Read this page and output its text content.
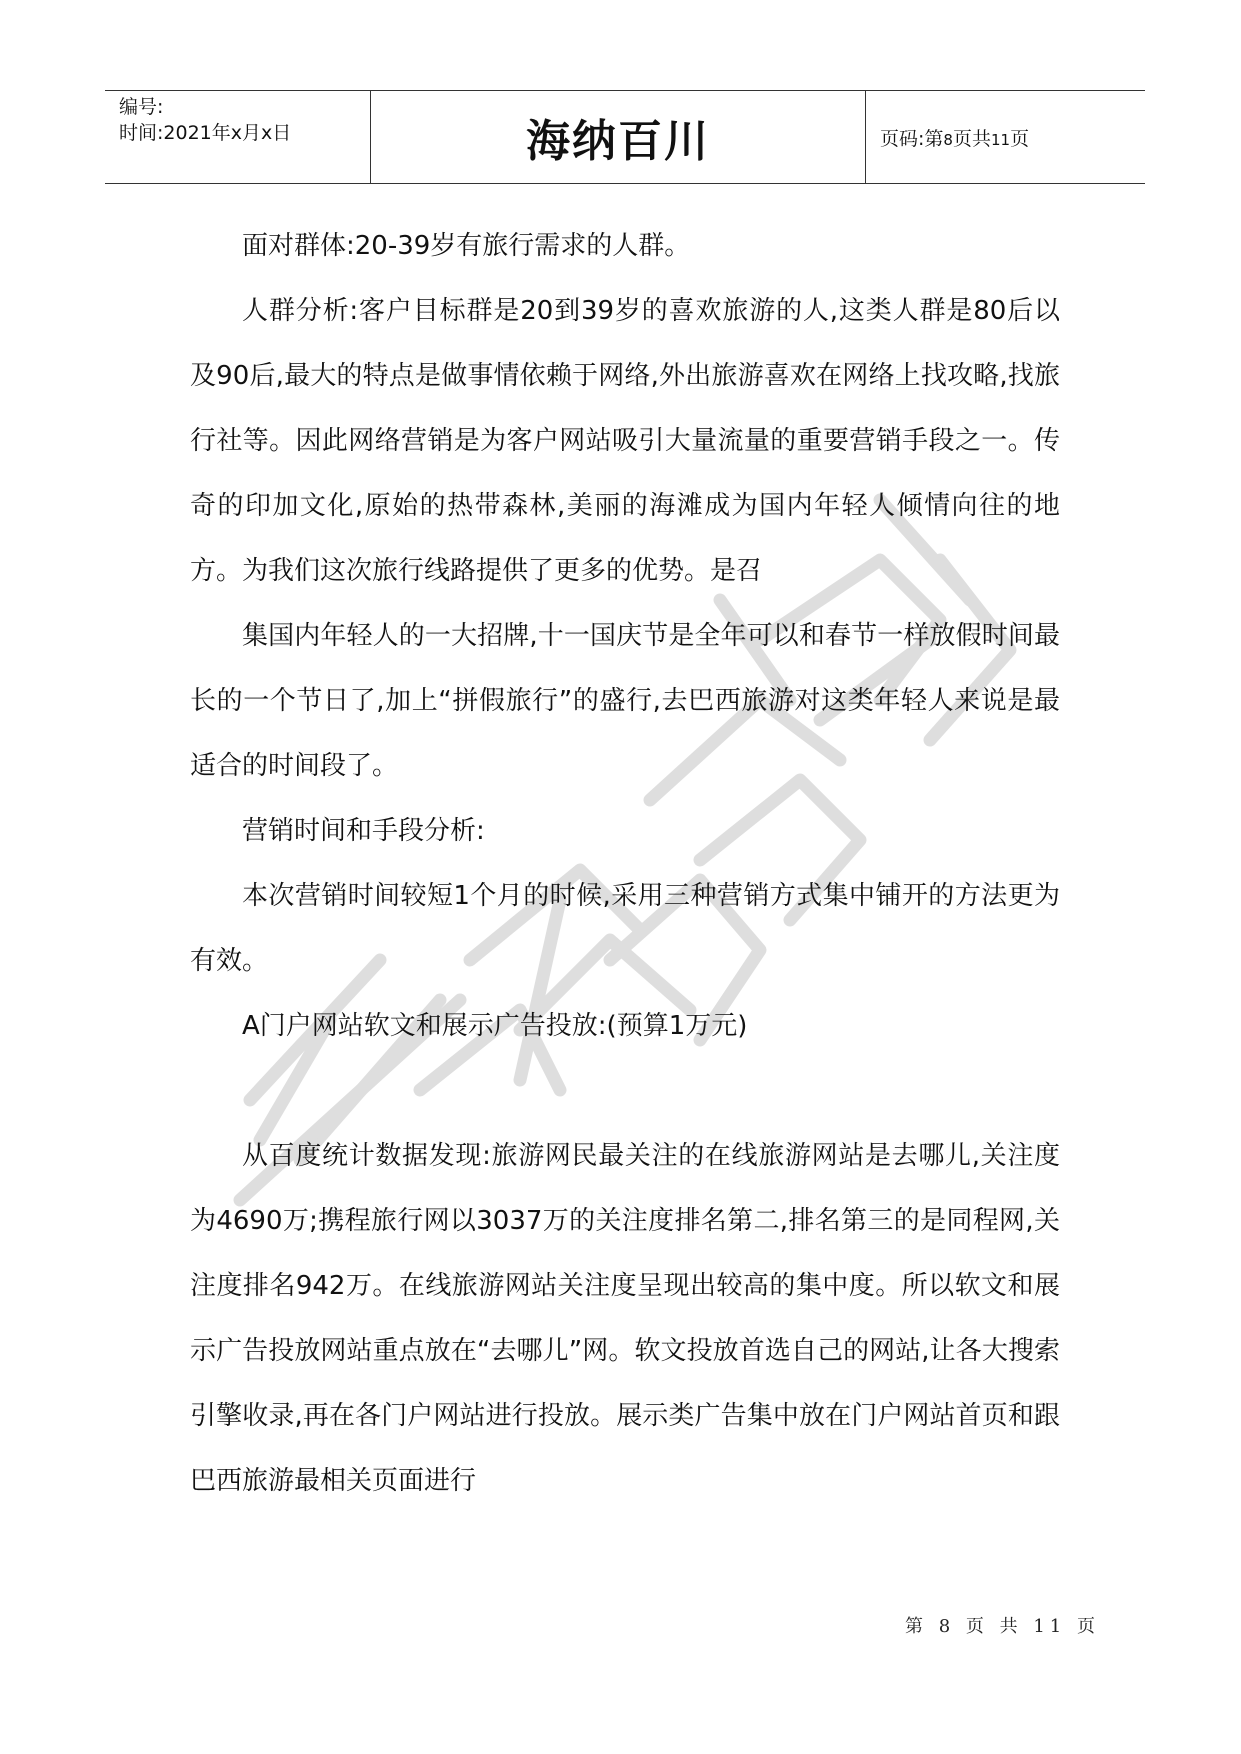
编号:
时间:2021年x月x日	海纳百川	页码:第8页共11页

面对群体:20-39岁有旅行需求的人群。

人群分析:客户目标群是20到39岁的喜欢旅游的人,这类人群是80后以及90后,最大的特点是做事情依赖于网络,外出旅游喜欢在网络上找攻略,找旅行社等。因此网络营销是为客户网站吸引大量流量的重要营销手段之一。传奇的印加文化,原始的热带森林,美丽的海滩成为国内年轻人倾情向往的地方。为我们这次旅行线路提供了更多的优势。是召

集国内年轻人的一大招牌,十一国庆节是全年可以和春节一样放假时间最长的一个节日了,加上“拼假旅行”的盛行,去巴西旅游对这类年轻人来说是最适合的时间段了。

营销时间和手段分析:

本次营销时间较短1个月的时候,采用三种营销方式集中铺开的方法更为有效。

A门户网站软文和展示广告投放:(预算1万元)

从百度统计数据发现:旅游网民最关注的在线旅游网站是去哪儿,关注度为4690万;携程旅行网以3037万的关注度排名第二,排名第三的是同程网,关注度排名942万。在线旅游网站关注度呈现出较高的集中度。所以软文和展示广告投放网站重点放在“去哪儿”网。软文投放首选自己的网站,让各大搜索引擎收录,再在各门户网站进行投放。展示类广告集中放在门户网站首页和跟巴西旅游最相关页面进行

第 8 页 共 11 页
